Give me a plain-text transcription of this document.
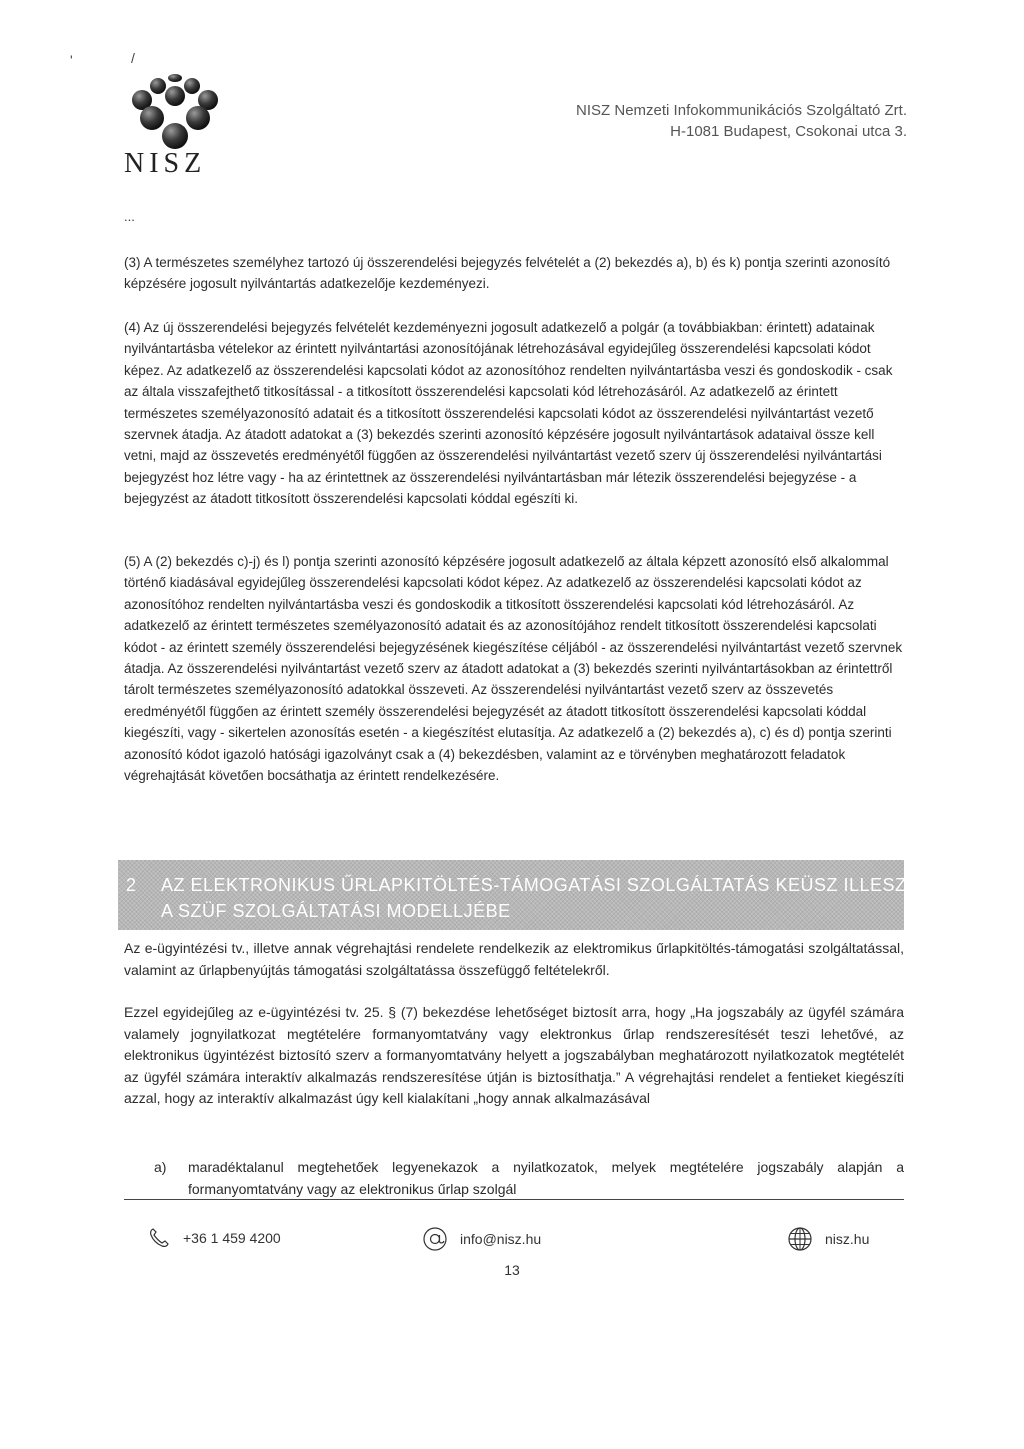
'	/
NISZ
NISZ Nemzeti Infokommunikációs Szolgáltató Zrt.
H-1081 Budapest, Csokonai utca 3.
...

(3) A természetes személyhez tartozó új összerendelési bejegyzés felvételét a (2) bekezdés a), b) és k) pontja szerinti azonosító képzésére jogosult nyilvántartás adatkezelője kezdeményezi.

(4) Az új összerendelési bejegyzés felvételét kezdeményezni jogosult adatkezelő a polgár (a továbbiakban: érintett) adatainak nyilvántartásba vételekor az érintett nyilvántartási azonosítójának létrehozásával egyidejűleg összerendelési kapcsolati kódot képez. Az adatkezelő az összerendelési kapcsolati kódot az azonosítóhoz rendelten nyilvántartásba veszi és gondoskodik - csak az általa visszafejthető titkosítással - a titkosított összerendelési kapcsolati kód létrehozásáról. Az adatkezelő az érintett természetes személyazonosító adatait és a titkosított összerendelési kapcsolati kódot az összerendelési nyilvántartást vezető szervnek átadja. Az átadott adatokat a (3) bekezdés szerinti azonosító képzésére jogosult nyilvántartások adataival össze kell vetni, majd az összevetés eredményétől függően az összerendelési nyilvántartást vezető szerv új összerendelési nyilvántartási bejegyzést hoz létre vagy - ha az érintettnek az összerendelési nyilvántartásban már létezik összerendelési bejegyzése - a bejegyzést az átadott titkosított összerendelési kapcsolati kóddal egészíti ki.

(5) A (2) bekezdés c)-j) és l) pontja szerinti azonosító képzésére jogosult adatkezelő az általa képzett azonosító első alkalommal történő kiadásával egyidejűleg összerendelési kapcsolati kódot képez. Az adatkezelő az összerendelési kapcsolati kódot az azonosítóhoz rendelten nyilvántartásba veszi és gondoskodik a titkosított összerendelési kapcsolati kód létrehozásáról. Az adatkezelő az érintett természetes személyazonosító adatait és az azonosítójához rendelt titkosított összerendelési kapcsolati kódot - az érintett személy összerendelési bejegyzésének kiegészítése céljából - az összerendelési nyilvántartást vezető szervnek átadja. Az összerendelési nyilvántartást vezető szerv az átadott adatokat a (3) bekezdés szerinti nyilvántartásokban az érintettről tárolt természetes személyazonosító adatokkal összeveti. Az összerendelési nyilvántartást vezető szerv az összevetés eredményétől függően az érintett személy összerendelési bejegyzését az átadott titkosított összerendelési kapcsolati kóddal kiegészíti, vagy - sikertelen azonosítás esetén - a kiegészítést elutasítja. Az adatkezelő a (2) bekezdés a), c) és d) pontja szerinti azonosító kódot igazoló hatósági igazolványt csak a (4) bekezdésben, valamint az e törvényben meghatározott feladatok végrehajtását követően bocsáthatja az érintett rendelkezésére.

2 AZ ELEKTRONIKUS ŰRLAPKITÖLTÉS-TÁMOGATÁSI SZOLGÁLTATÁS KEÜSZ ILLESZKEDÉSE
A SZÜF SZOLGÁLTATÁSI MODELLJÉBE

Az e-ügyintézési tv., illetve annak végrehajtási rendelete rendelkezik az elektromikus űrlapkitöltés-támogatási szolgáltatással, valamint az űrlapbenyújtás támogatási szolgáltatássa összefüggő feltételekről.

Ezzel egyidejűleg az e-ügyintézési tv. 25. § (7) bekezdése lehetőséget biztosít arra, hogy „Ha jogszabály az ügyfél számára valamely jognyilatkozat megtételére formanyomtatvány vagy elektronkus űrlap rendszeresítését teszi lehetővé, az elektronikus ügyintézést biztosító szerv a formanyomtatvány helyett a jogszabályban meghatározott nyilatkozatok megtételét az ügyfél számára interaktív alkalmazás rendszeresítése útján is biztosíthatja.” A végrehajtási rendelet a fentieket kiegészíti azzal, hogy az interaktív alkalmazást úgy kell kialakítani „hogy annak alkalmazásával

a) maradéktalanul megtehetőek legyenekazok a nyilatkozatok, melyek megtételére jogszabály alapján a formanyomtatvány vagy az elektronikus űrlap szolgál
+36 1 459 4200	info@nisz.hu	nisz.hu
13
